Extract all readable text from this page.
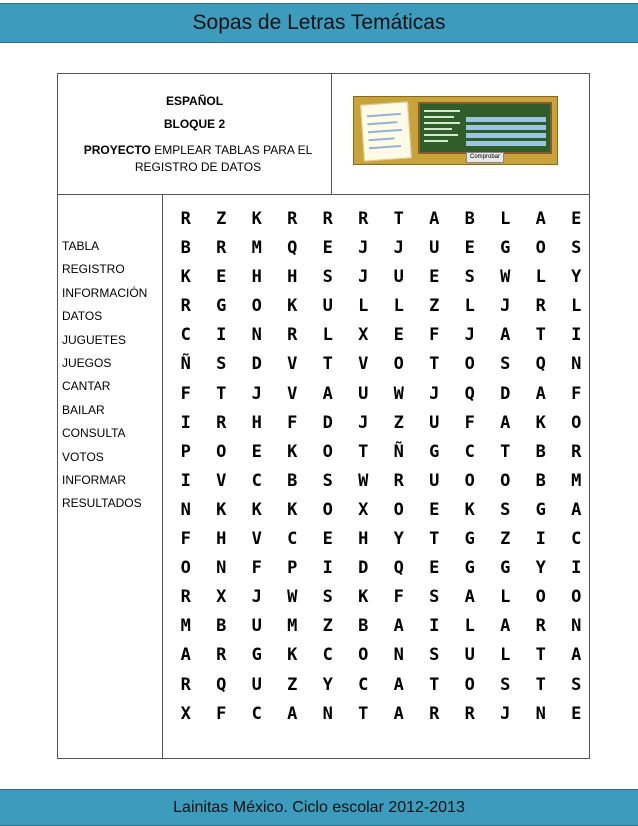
Sopas de Letras Temáticas
ESPAÑOL
BLOQUE 2
PROYECTO EMPLEAR TABLAS PARA EL REGISTRO DE DATOS
Comprobar
TABLA
REGISTRO
INFORMACIÓN
DATOS
JUGUETES
JUEGOS
CANTAR
BAILAR
CONSULTA
VOTOS
INFORMAR
RESULTADOS
R Z K R R R T A B L A E
B R M Q E J J U E G O S
K E H H S J U E S W L Y
R G O K U L L Z L J R L
C I N R L X E F J A T I
Ñ S D V T V O T O S Q N
F T J V A U W J Q D A F
I R H F D J Z U F A K O
P O E K O T Ñ G C T B R
I V C B S W R U O O B M
N K K K O X O E K S G A
F H V C E H Y T G Z I C
O N F P I D Q E G G Y I
R X J W S K F S A L O O
M B U M Z B A I L A R N
A R G K C O N S U L T A
R Q U Z Y C A T O S T S
X F C A N T A R R J N E
Lainitas México. Ciclo escolar 2012-2013
